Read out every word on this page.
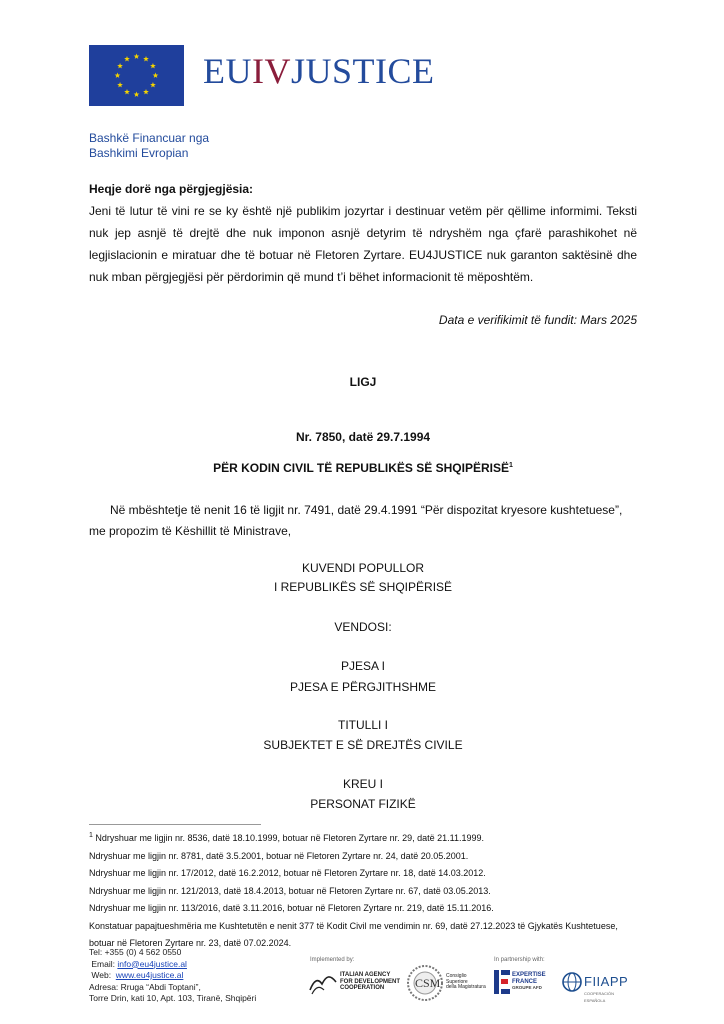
EUIVJUSTICE
Bashkë Financuar nga
Bashkimi Evropian
Heqje dorë nga përgjegjësia:

Jeni të lutur të vini re se ky është një publikim jozyrtar i destinuar vetëm për qëllime informimi. Teksti nuk jep asnjë të drejtë dhe nuk imponon asnjë detyrim të ndryshëm nga çfarë parashikohet në legjislacionin e miratuar dhe të botuar në Fletoren Zyrtare. EU4JUSTICE nuk garanton saktësinë dhe nuk mban përgjegjësi për përdorimin që mund t’i bëhet informacionit të mëposhtëm.

Data e verifikimit të fundit: Mars 2025
LIGJ
Nr. 7850, datë 29.7.1994
PËR KODIN CIVIL TË REPUBLIKËS SË SHQIPËRISË$^1$

Në mbështetje të nenit 16 të ligjit nr. 7491, datë 29.4.1991 “Për dispozitat kryesore kushtetuese”,

me propozim të Këshillit të Ministrave,
KUVENDI POPULLOR
I REPUBLIKËS SË SHQIPËRISË
VENDOSI:
PJESA I
PJESA E PËRGJITHSHME
TITULLI I
SUBJEKTET E SË DREJTËS CIVILE
KREU I
PERSONAT FIZIKË
$^1$ Ndryshuar me ligjin nr. 8536, datë 18.10.1999, botuar në Fletoren Zyrtare nr. 29, datë 21.11.1999.
Ndryshuar me ligjin nr. 8781, datë 3.5.2001, botuar në Fletoren Zyrtare nr. 24, datë 20.05.2001.
Ndryshuar me ligjin nr. 17/2012, datë 16.2.2012, botuar në Fletoren Zyrtare nr. 18, datë 14.03.2012.
Ndryshuar me ligjin nr. 121/2013, datë 18.4.2013, botuar në Fletoren Zyrtare nr. 67, datë 03.05.2013.
Ndryshuar me ligjin nr. 113/2016, datë 3.11.2016, botuar në Fletoren Zyrtare nr. 219, datë 15.11.2016.
Konstatuar papajtueshmëria me Kushtetutën e nenit 377 të Kodit Civil me vendimin nr. 69, datë 27.12.2023 të Gjykatës Kushtetuese, botuar në Fletoren Zyrtare nr. 23, datë 07.02.2024.
Tel: +355 (0) 4 562 0550
Email: info@eu4justice.al
Web:  www.eu4justice.al
Adresa: Rruga “Abdi Toptani”,
Torre Drin, kati 10, Apt. 103, Tiranë, Shqipëri
Implemented by:
ITALIAN AGENCY
FOR DEVELOPMENT
COOPERATION	CSM Consiglio
Superiore
della Magistratura
In partnership with:
EXPERTISE
FRANCE
GROUPE AFD	FIIAPP
COOPERACIÓN ESPAÑOLA
